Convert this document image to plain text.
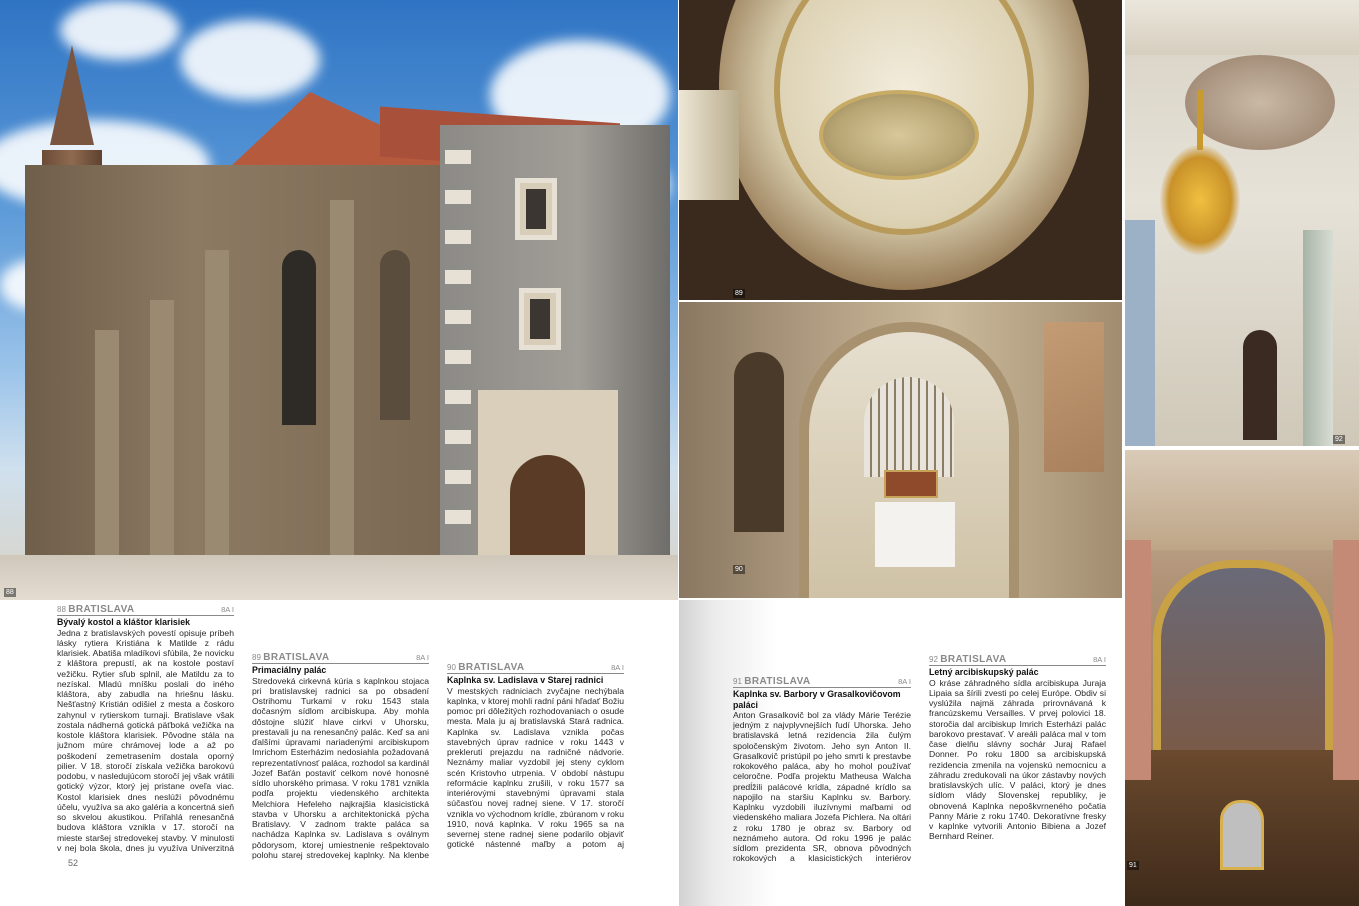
88
89
90
92
91
88 BRATISLAVA	8A I
Bývalý kostol a kláštor klarisiek
Jedna z bratislavských povestí opisuje príbeh lásky rytiera Kristiána k Matilde z rádu klarisiek. Abatiša mladíkovi sľúbila, že novicku z kláštora prepustí, ak na kostole postaví vežičku. Rytier sľub splnil, ale Matildu za to nezískal. Mladú mníšku poslali do iného kláštora, aby zabudla na hriešnu lásku. Nešťastný Kristián odišiel z mesta a čoskoro zahynul v rytierskom turnaji. Bratislave však zostala nádherná gotická päťboká vežička na kostole kláštora klarisiek. Pôvodne stála na južnom múre chrámovej lode a až po poškodení zemetrasením dostala oporný pilier. V 18. storočí získala vežička barokovú podobu, v nasledujúcom storočí jej však vrátili gotický výzor, ktorý jej pristane oveľa viac. Kostol klarisiek dnes neslúži pôvodnému účelu, využíva sa ako galéria a koncertná sieň so skvelou akustikou. Priľahlá renesančná budova kláštora vznikla v 17. storočí na mieste staršej stredovekej stavby. V minulosti v nej bola škola, dnes ju využíva Univerzitná
52
89 BRATISLAVA	8A I
Primaciálny palác
Stredoveká cirkevná kúria s kaplnkou stojaca pri bratislavskej radnici sa po obsadení Ostrihomu Turkami v roku 1543 stala dočasným sídlom arcibiskupa. Aby mohla dôstojne slúžiť hlave cirkvi v Uhorsku, prestavali ju na renesančný palác. Keď sa ani ďalšími úpravami nariadenými arcibiskupom Imrichom Esterházim nedosiahla požadovaná reprezentatívnosť paláca, rozhodol sa kardinál Jozef Baťán postaviť celkom nové honosné sídlo uhorského primasa. V roku 1781 vznikla podľa projektu viedenského architekta Melchiora Hefeleho najkrajšia klasicistická stavba v Uhorsku a architektonická pýcha Bratislavy. V zadnom trakte paláca sa nachádza Kaplnka sv. Ladislava s oválnym pôdorysom, ktorej umiestnenie rešpektovalo polohu starej stredovekej kaplnky. Na klenbe
90 BRATISLAVA	8A I
Kaplnka sv. Ladislava v Starej radnici
V mestských radniciach zvyčajne nechýbala kaplnka, v ktorej mohli radní páni hľadať Božiu pomoc pri dôležitých rozhodovaniach o osude mesta. Mala ju aj bratislavská Stará radnica. Kaplnka sv. Ladislava vznikla počas stavebných úprav radnice v roku 1443 v prekleruti prejazdu na radničné nádvorie. Neznámy maliar vyzdobil jej steny cyklom scén Kristovho utrpenia. V období nástupu reformácie kaplnku zrušili, v roku 1577 sa interiérovými stavebnými úpravami stala súčasťou novej radnej siene. V 17. storočí vznikla vo východnom krídle, zbúranom v roku 1910, nová kaplnka. V roku 1965 sa na severnej stene radnej siene podarilo objaviť gotické nástenné maľby a potom aj
91 BRATISLAVA	8A I
Kaplnka sv. Barbory v Grasalkovičovom paláci
Anton Grasalkovič bol za vlády Márie Terézie jedným z najvplyvnejších ľudí Uhorska. Jeho bratislavská letná rezidencia žila čulým spoločenským životom. Jeho syn Anton II. Grasalkovič pristúpil po jeho smrti k prestavbe rokokového paláca, aby ho mohol používať celoročne. Podľa projektu Matheusa Walcha predĺžili palácové krídla, západné krídlo sa napojilo na staršiu Kaplnku sv. Barbory. Kaplnku vyzdobili iluzívnymi maľbami od viedenského maliara Jozefa Pichlera. Na oltári z roku 1780 je obraz sv. Barbory od neznámeho autora. Od roku 1996 je palác sídlom prezidenta SR, obnova pôvodných rokokových a klasicistických interiérov
92 BRATISLAVA	8A I
Letný arcibiskupský palác
O kráse záhradného sídla arcibiskupa Juraja Lipaia sa šírili zvesti po celej Európe. Obdiv si vyslúžila najmä záhrada prirovnávaná k francúzskemu Versailles. V prvej polovici 18. storočia dal arcibiskup Imrich Esterházi palác barokovo prestavať. V areáli paláca mal v tom čase dielňu slávny sochár Juraj Rafael Donner. Po roku 1800 sa arcibiskupská rezidencia zmenila na vojenskú nemocnicu a záhradu zredukovali na úkor zástavby nových bratislavských ulíc. V paláci, ktorý je dnes sídlom vlády Slovenskej republiky, je obnovená Kaplnka nepoškvrneného počatia Panny Márie z roku 1740. Dekoratívne fresky v kaplnke vytvorili Antonio Bibiena a Jozef Bernhard Reiner.
